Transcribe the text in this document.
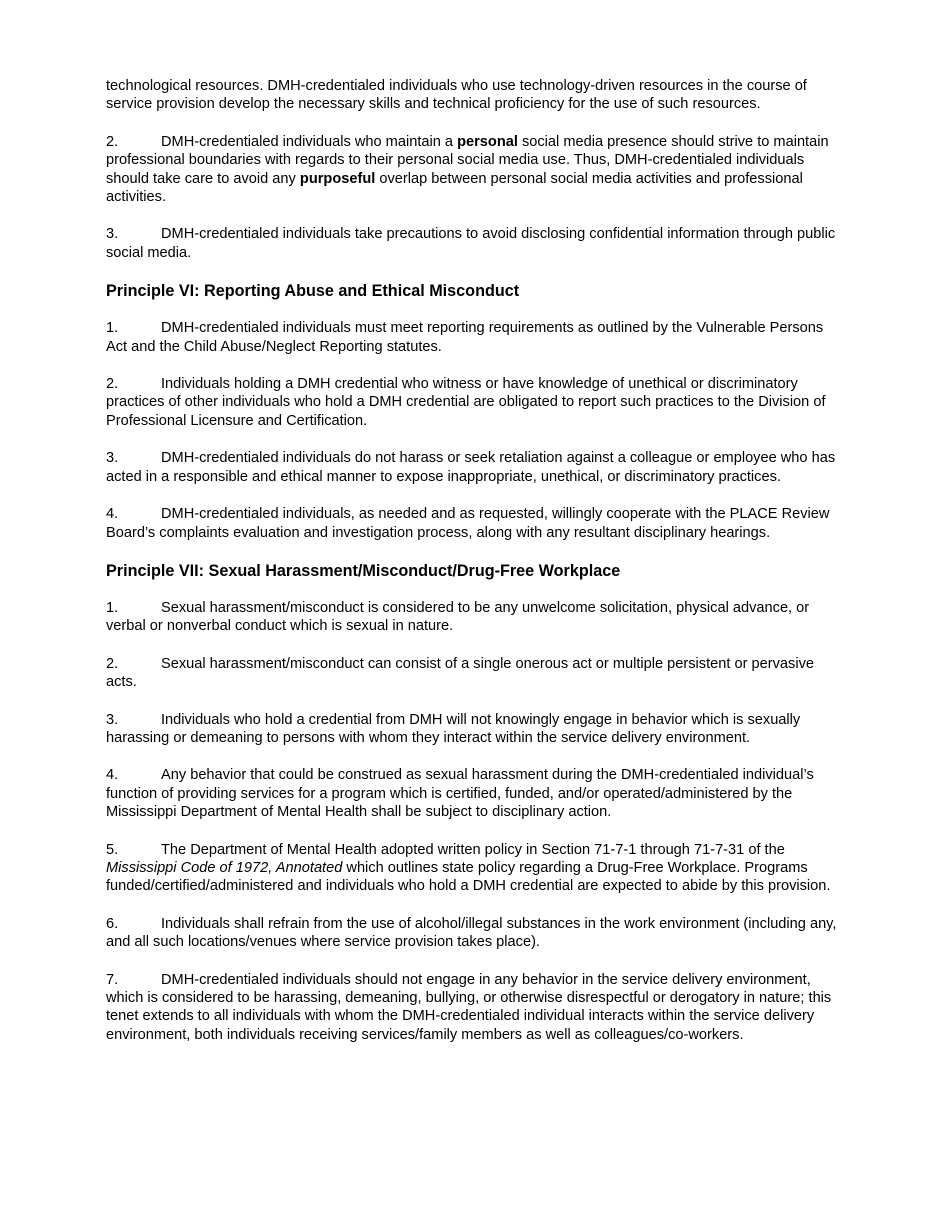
technological resources. DMH-credentialed individuals who use technology-driven resources in the course of service provision develop the necessary skills and technical proficiency for the use of such resources.

2.	DMH-credentialed individuals who maintain a personal social media presence should strive to maintain professional boundaries with regards to their personal social media use. Thus, DMH-credentialed individuals should take care to avoid any purposeful overlap between personal social media activities and professional activities.

3.	DMH-credentialed individuals take precautions to avoid disclosing confidential information through public social media.

Principle VI: Reporting Abuse and Ethical Misconduct

1.	DMH-credentialed individuals must meet reporting requirements as outlined by the Vulnerable Persons Act and the Child Abuse/Neglect Reporting statutes.

2.	Individuals holding a DMH credential who witness or have knowledge of unethical or discriminatory practices of other individuals who hold a DMH credential are obligated to report such practices to the Division of Professional Licensure and Certification.

3.	DMH-credentialed individuals do not harass or seek retaliation against a colleague or employee who has acted in a responsible and ethical manner to expose inappropriate, unethical, or discriminatory practices.

4.	DMH-credentialed individuals, as needed and as requested, willingly cooperate with the PLACE Review Board’s complaints evaluation and investigation process, along with any resultant disciplinary hearings.

Principle VII: Sexual Harassment/Misconduct/Drug-Free Workplace

1.	Sexual harassment/misconduct is considered to be any unwelcome solicitation, physical advance, or verbal or nonverbal conduct which is sexual in nature.

2.	Sexual harassment/misconduct can consist of a single onerous act or multiple persistent or pervasive acts.

3.	Individuals who hold a credential from DMH will not knowingly engage in behavior which is sexually harassing or demeaning to persons with whom they interact within the service delivery environment.

4.	Any behavior that could be construed as sexual harassment during the DMH-credentialed individual’s function of providing services for a program which is certified, funded, and/or operated/administered by the Mississippi Department of Mental Health shall be subject to disciplinary action.

5.	The Department of Mental Health adopted written policy in Section 71-7-1 through 71-7-31 of the Mississippi Code of 1972, Annotated which outlines state policy regarding a Drug-Free Workplace. Programs funded/certified/administered and individuals who hold a DMH credential are expected to abide by this provision.

6.	Individuals shall refrain from the use of alcohol/illegal substances in the work environment (including any, and all such locations/venues where service provision takes place).

7.	DMH-credentialed individuals should not engage in any behavior in the service delivery environment, which is considered to be harassing, demeaning, bullying, or otherwise disrespectful or derogatory in nature; this tenet extends to all individuals with whom the DMH-credentialed individual interacts within the service delivery environment, both individuals receiving services/family members as well as colleagues/co-workers.
